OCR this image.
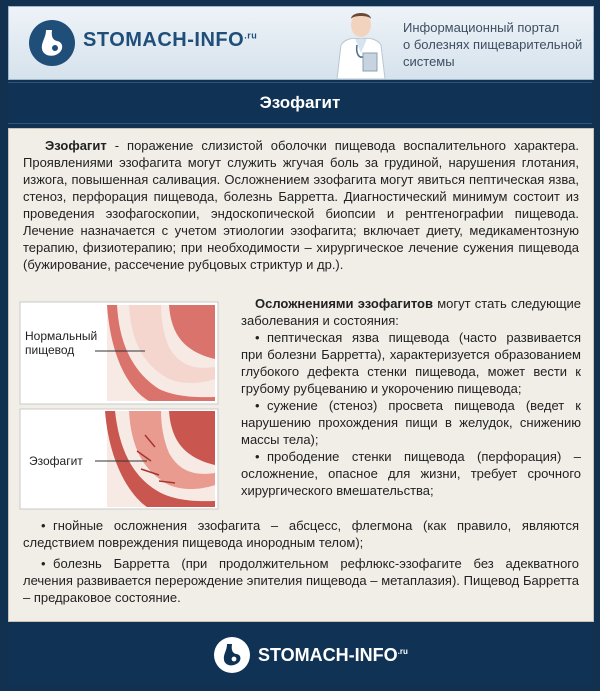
STOMACH-$INFO^{.ru}$
Информационный портал
о болезнях пищеварительной
системы
Эзофагит

Эзофагит - поражение слизистой оболочки пищевода воспалительного характера. Проявлениями эзофагита могут служить жгучая боль за грудиной, нарушения глотания, изжога, повышенная саливация. Осложнением эзофагита могут явиться пептическая язва, стеноз, перфорация пищевода, болезнь Барретта. Диагностический минимум состоит из проведения эзофагоскопии, эндоскопической биопсии и рентгенографии пищевода. Лечение назначается с учетом этиологии эзофагита; включает диету, медикаментозную терапию, физиотерапию; при необходимости – хирургическое лечение сужения пищевода (бужирование, рассечение рубцовых стриктур и др.).

Нормальный
пищевод
Эзофагит

Осложнениями эзофагитов могут стать следующие заболевания и состояния:

• пептическая язва пищевода (часто развивается при болезни Барретта), характеризуется образованием глубокого дефекта стенки пищевода, может вести к грубому рубцеванию и укорочению пищевода;
• сужение (стеноз) просвета пищевода (ведет к нарушению прохождения пищи в желудок, снижению массы тела);
• прободение стенки пищевода (перфорация) – осложнение, опасное для жизни, требует срочного хирургического вмешательства;
• гнойные осложнения эзофагита – абсцесс, флегмона (как правило, являются следствием повреждения пищевода инородным телом);
• болезнь Барретта (при продолжительном рефлюкс-эзофагите без адекватного лечения развивается перерождение эпителия пищевода – метаплазия). Пищевод Барретта – предраковое состояние.
STOMACH-$INFO^{.ru}$
